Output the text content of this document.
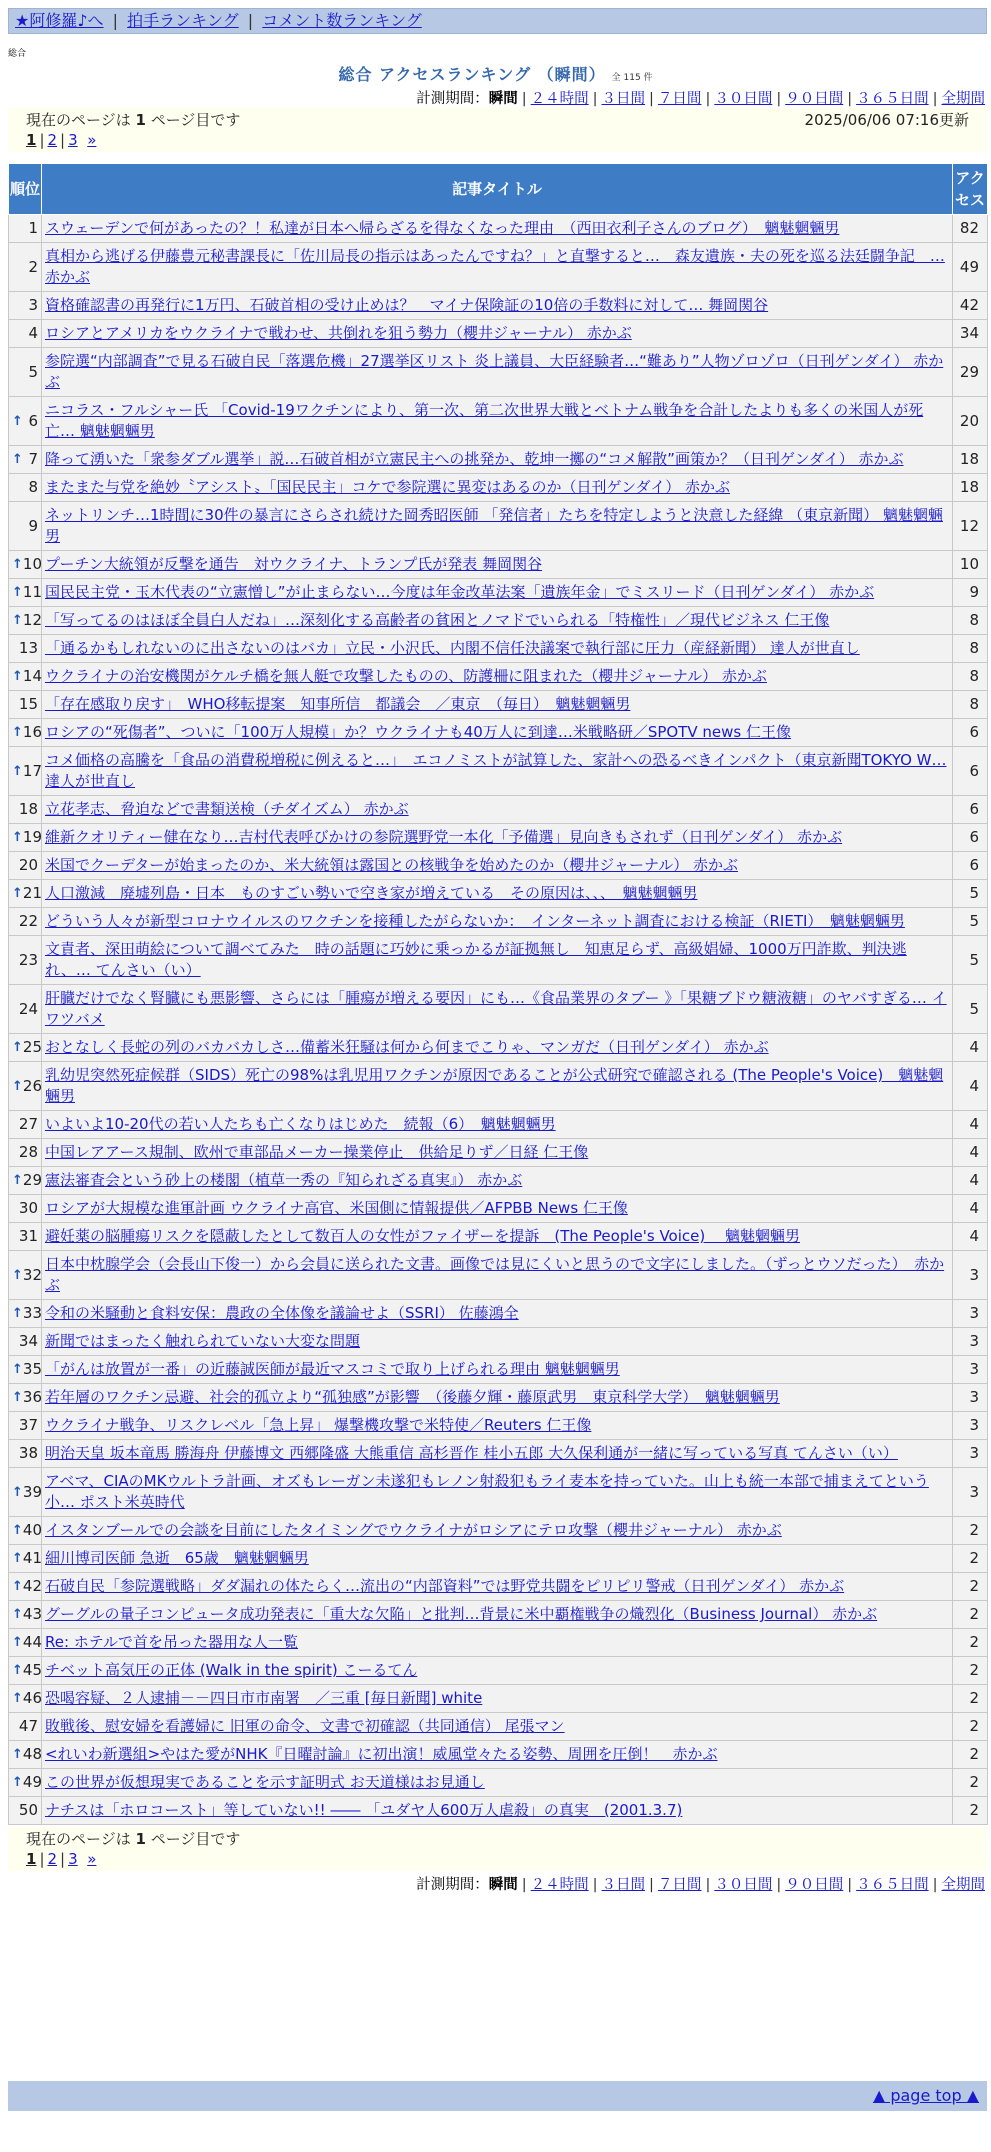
★阿修羅♪へ | 拍手ランキング | コメント数ランキング
総合
総合 アクセスランキング （瞬間） 全 115 件
計測期間：瞬間 | ２４時間 | ３日間 | ７日間 | ３０日間 | ９０日間 | ３６５日間 | 全期間
現在のページは 1 ページ目です	2025/06/06 07:16更新
1 | 2 | 3 »
順位	記事タイトル	アクセス
1	スウェーデンで何があったの？！私達が日本へ帰らざるを得なくなった理由　（西田衣利子さんのブログ）　魑魅魍魎男	82
2	真相から逃げる伊藤豊元秘書課長に「佐川局長の指示はあったんですね？」と直撃すると…　森友遺族・夫の死を巡る法廷闘争記　… 赤かぶ	49
3	資格確認書の再発行に1万円、石破首相の受け止めは？　マイナ保険証の10倍の手数料に対して… 舞岡関谷	42
4	ロシアとアメリカをウクライナで戦わせ、共倒れを狙う勢力（櫻井ジャーナル） 赤かぶ	34
5	参院選“内部調査”で見る石破自民「落選危機」27選挙区リスト 炎上議員、大臣経験者…“難あり”人物ゾロゾロ（日刊ゲンダイ） 赤かぶ	29

↑ 6	ニコラス・フルシャー氏 「Covid-19ワクチンにより、第一次、第二次世界大戦とベトナム戦争を合計したよりも多くの米国人が死亡… 魑魅魍魎男	20

↑ 7	降って湧いた「衆参ダブル選挙」説…石破首相が立憲民主への挑発か、乾坤一擲の“コメ解散”画策か？（日刊ゲンダイ） 赤かぶ	18
8	またまた与党を絶妙〝アシスト〟「国民民主」コケで参院選に異変はあるのか（日刊ゲンダイ） 赤かぶ	18
9	ネットリンチ…1時間に30件の暴言にさらされ続けた岡秀昭医師 「発信者」たちを特定しようと決意した経緯 （東京新聞） 魑魅魍魎男	12

↑ 10	プーチン大統領が反撃を通告　対ウクライナ、トランプ氏が発表 舞岡関谷	10

↑ 11	国民民主党・玉木代表の“立憲憎し”が止まらない…今度は年金改革法案「遺族年金」でミスリード（日刊ゲンダイ） 赤かぶ	9

↑ 12	「写ってるのはほぼ全員白人だね」…深刻化する高齢者の貧困とノマドでいられる「特権性」／現代ビジネス 仁王像	8
13	「通るかもしれないのに出さないのはバカ」立民・小沢氏、内閣不信任決議案で執行部に圧力（産経新聞） 達人が世直し	8

↑ 14	ウクライナの治安機関がケルチ橋を無人艇で攻撃したものの、防護柵に阻まれた（櫻井ジャーナル） 赤かぶ	8
15	「存在感取り戻す」　WHO移転提案　知事所信　都議会　／東京　（毎日）　魑魅魍魎男	8

↑ 16	ロシアの“死傷者”、ついに「100万人規模」か？ウクライナも40万人に到達…米戦略研／SPOTV news 仁王像	6

↑ 17	コメ価格の高騰を「食品の消費税増税に例えると…」　エコノミストが試算した、家計への恐るべきインパクト（東京新聞TOKYO W… 達人が世直し	6
18	立花孝志、脅迫などで書類送検（チダイズム） 赤かぶ	6

↑ 19	維新クオリティー健在なり…吉村代表呼びかけの参院選野党一本化「予備選」見向きもされず（日刊ゲンダイ） 赤かぶ	6
20	米国でクーデターが始まったのか、米大統領は露国との核戦争を始めたのか（櫻井ジャーナル） 赤かぶ	6

↑ 21	人口激減　廃墟列島・日本　ものすごい勢いで空き家が増えている　その原因は、、、　魑魅魍魎男	5
22	どういう人々が新型コロナウイルスのワクチンを接種したがらないか：　インターネット調査における検証（RIETI）　魑魅魍魎男	5
23	文責者、深田萌絵について調べてみた　時の話題に巧妙に乗っかるが証拠無し　知恵足らず、高級娼婦、1000万円詐欺、判決逃れ、… てんさい（い）	5
24	肝臓だけでなく腎臓にも悪影響、さらには「腫瘍が増える要因」にも…《食品業界のタブー 》「果糖ブドウ糖液糖」のヤバすぎる… イワツバメ	5

↑ 25	おとなしく長蛇の列のバカバカしさ…備蓄米狂騒は何から何までこりゃ、マンガだ（日刊ゲンダイ） 赤かぶ	4

↑ 26	乳幼児突然死症候群（SIDS）死亡の98%は乳児用ワクチンが原因であることが公式研究で確認される (The People's Voice)　魑魅魍魎男	4
27	いよいよ10-20代の若い人たちも亡くなりはじめた　続報（6）　魑魅魍魎男	4
28	中国レアアース規制、欧州で車部品メーカー操業停止　供給足りず／日経 仁王像	4

↑ 29	憲法審査会という砂上の楼閣（植草一秀の『知られざる真実』） 赤かぶ	4
30	ロシアが大規模な進軍計画 ウクライナ高官、米国側に情報提供／AFPBB News 仁王像	4
31	避妊薬の脳腫瘍リスクを隠蔽したとして数百人の女性がファイザーを提訴　(The People's Voice)　 魑魅魍魎男	4

↑ 32	日本中枕腺学会（会長山下俊一）から会員に送られた文書。画像では見にくいと思うので文字にしました。（ずっとウソだった）　赤かぶ	3

↑ 33	令和の米騒動と食料安保：農政の全体像を議論せよ（SSRI） 佐藤鴻全	3
34	新聞ではまったく触れられていない大変な問題	3

↑ 35	「がんは放置が一番」の近藤誠医師が最近マスコミで取り上げられる理由 魑魅魍魎男	3

↑ 36	若年層のワクチン忌避、社会的孤立より“孤独感”が影響　（後藤夕輝・藤原武男　東京科学大学）　魑魅魍魎男	3
37	ウクライナ戦争、リスクレベル「急上昇」 爆撃機攻撃で米特使／Reuters 仁王像	3
38	明治天皇 坂本竜馬 勝海舟 伊藤博文 西郷隆盛 大熊重信 高杉晋作 桂小五郎 大久保利通が一緒に写っている写真 てんさい（い）	3

↑ 39	アベマ、CIAのMKウルトラ計画、オズもレーガン未遂犯もレノン射殺犯もライ麦本を持っていた。山上も統一本部で捕まえてという小… ポスト米英時代	3

↑ 40	イスタンブールでの会談を目前にしたタイミングでウクライナがロシアにテロ攻撃（櫻井ジャーナル） 赤かぶ	2

↑ 41	細川博司医師 急逝　65歳　魑魅魍魎男	2

↑ 42	石破自民「参院選戦略」ダダ漏れの体たらく…流出の“内部資料”では野党共闘をピリピリ警戒（日刊ゲンダイ） 赤かぶ	2

↑ 43	グーグルの量子コンピュータ成功発表に「重大な欠陥」と批判…背景に米中覇権戦争の熾烈化（Business Journal） 赤かぶ	2

↑ 44	Re: ホテルで首を吊った器用な人一覧	2

↑ 45	チベット高気圧の正体 (Walk in the spirit) こーるてん	2

↑ 46	恐喝容疑、２人逮捕－－四日市市南署　／三重 [毎日新聞] white	2
47	敗戦後、慰安婦を看護婦に 旧軍の命令、文書で初確認（共同通信） 尾張マン	2

↑ 48	<れいわ新選組>やはた愛がNHK『日曜討論』に初出演！威風堂々たる姿勢、周囲を圧倒！　赤かぶ	2

↑ 49	この世界が仮想現実であることを示す証明式 お天道様はお見通し	2
50	ナチスは「ホロコースト」等していない!! ―― 「ユダヤ人600万人虐殺」の真実　(2001.3.7)	2
現在のページは 1 ページ目です
1 | 2 | 3 »
計測期間：瞬間 | ２４時間 | ３日間 | ７日間 | ３０日間 | ９０日間 | ３６５日間 | 全期間
▲ page top ▲
